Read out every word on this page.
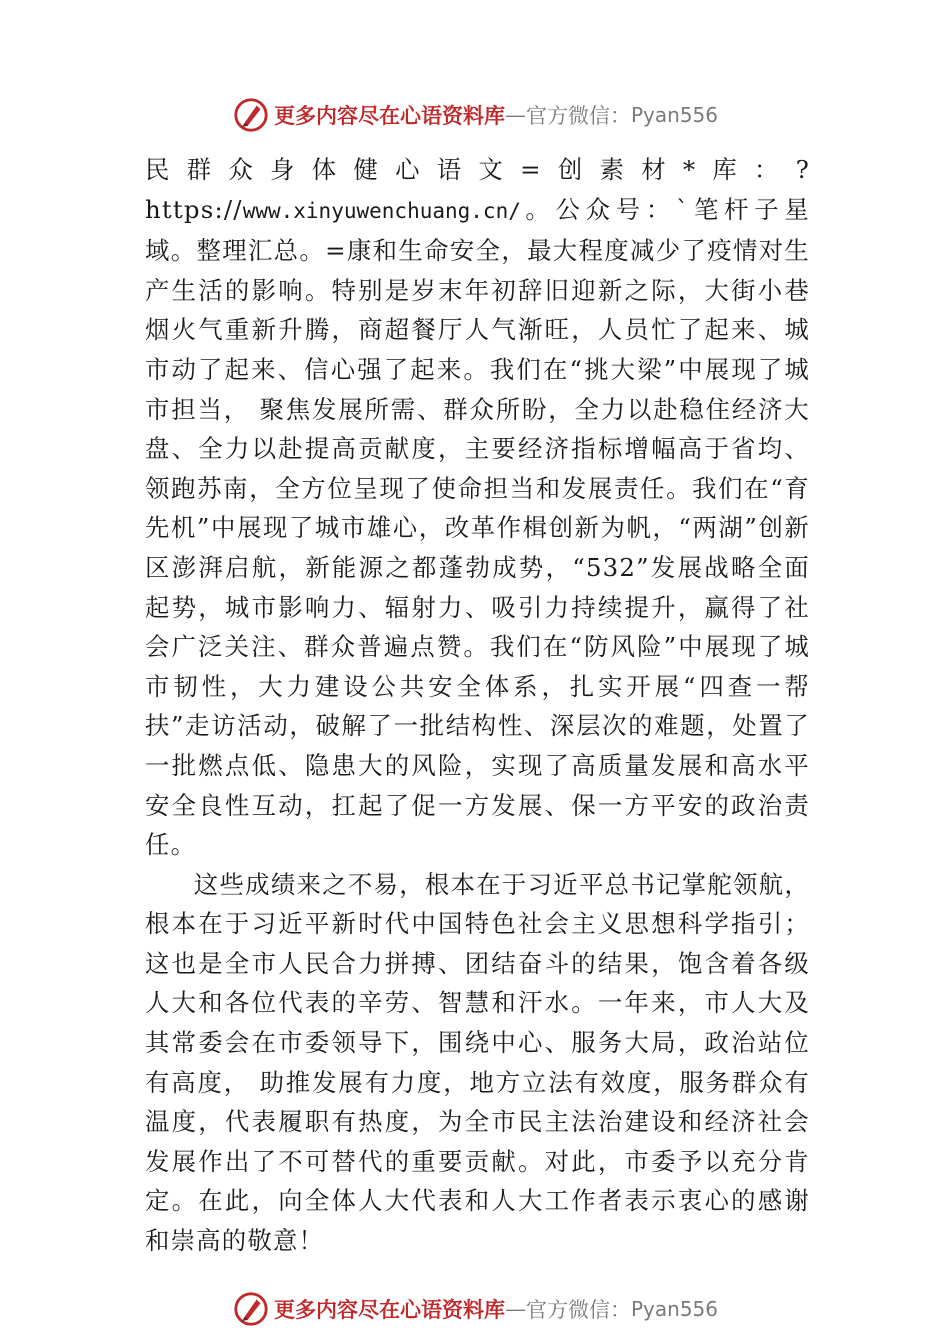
更多内容尽在心语资料库 — 官方微信： Pyan556

民群众身体健心语文=创素材*库：?https://www.xinyuwenchuang.cn/。公众号：`笔杆子星域。整理汇总。=康和生命安全，最大程度减少了疫情对生产生活的影响。特别是岁末年初辞旧迎新之际，大街小巷烟火气重新升腾，商超餐厅人气渐旺，人员忙了起来、城市动了起来、信心强了起来。我们在“挑大梁”中展现了城市担当， 聚焦发展所需、群众所盼，全力以赴稳住经济大盘、全力以赴提高贡献度，主要经济指标增幅高于省均、领跑苏南，全方位呈现了使命担当和发展责任。我们在“育先机”中展现了城市雄心，改革作楫创新为帆，“两湖”创新区澎湃启航，新能源之都蓬勃成势，“532”发展战略全面起势，城市影响力、辐射力、吸引力持续提升，赢得了社会广泛关注、群众普遍点赞。我们在“防风险”中展现了城市韧性，大力建设公共安全体系，扎实开展“四查一帮扶”走访活动，破解了一批结构性、深层次的难题，处置了一批燃点低、隐患大的风险，实现了高质量发展和高水平安全良性互动，扛起了促一方发展、保一方平安的政治责任。

这些成绩来之不易，根本在于习近平总书记掌舵领航，根本在于习近平新时代中国特色社会主义思想科学指引；这也是全市人民合力拼搏、团结奋斗的结果，饱含着各级人大和各位代表的辛劳、智慧和汗水。一年来，市人大及其常委会在市委领导下，围绕中心、服务大局，政治站位有高度， 助推发展有力度，地方立法有效度，服务群众有温度，代表履职有热度，为全市民主法治建设和经济社会发展作出了不可替代的重要贡献。对此，市委予以充分肯定。在此，向全体人大代表和人大工作者表示衷心的感谢和崇高的敬意！

更多内容尽在心语资料库 — 官方微信： Pyan556
